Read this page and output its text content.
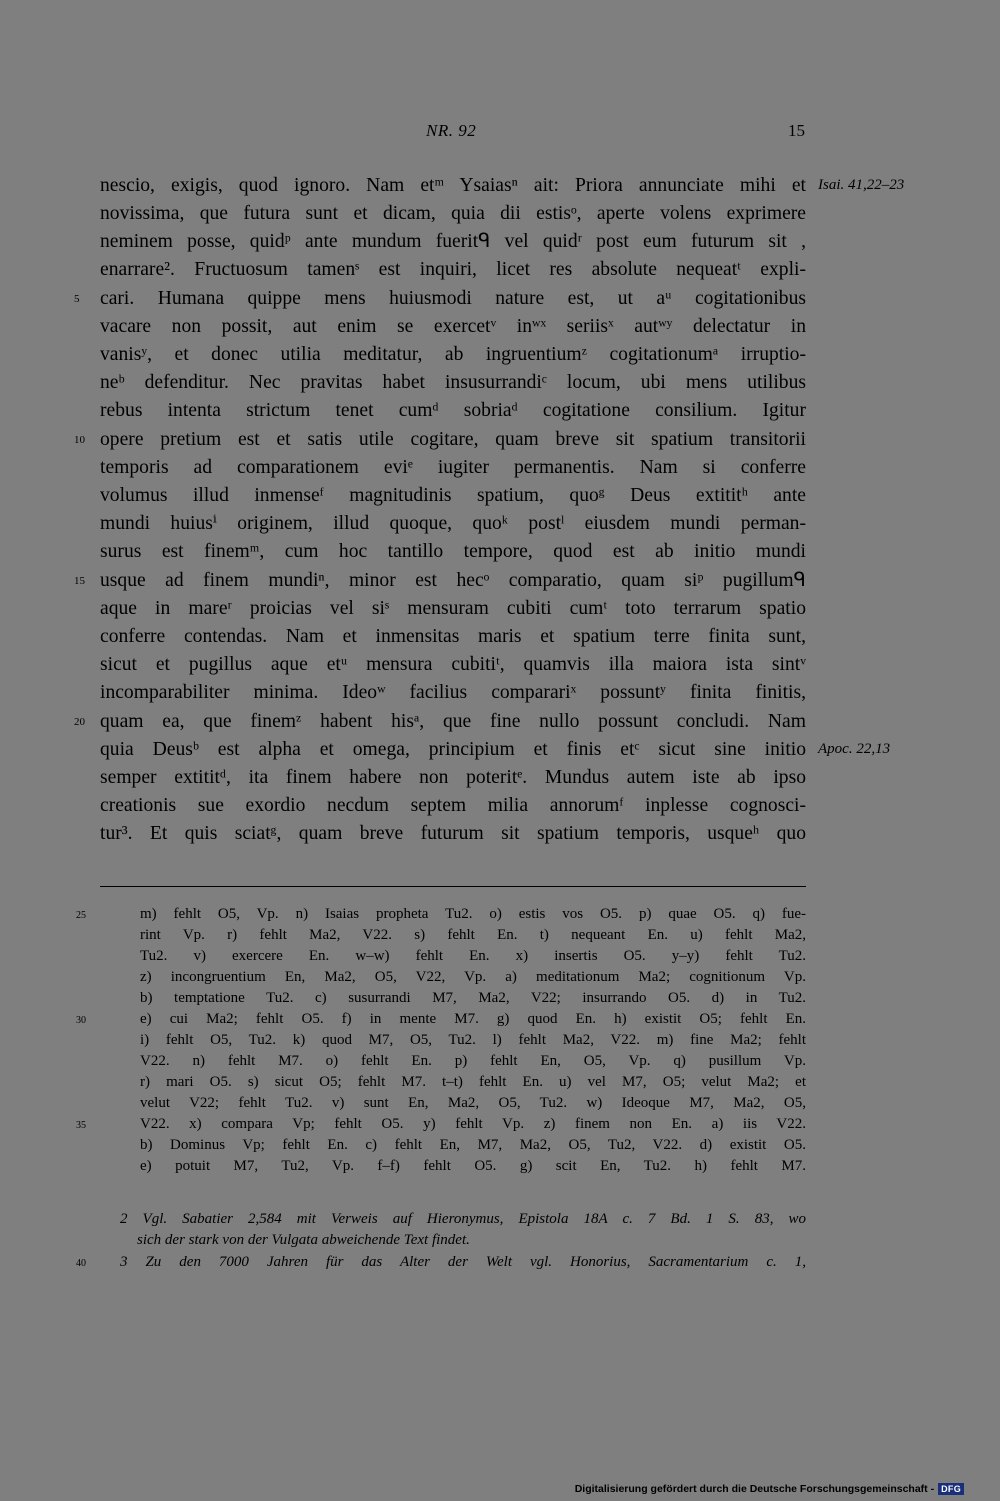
NR. 92	15
nescio, exigis, quod ignoro. Nam etᵐ Ysaiasⁿ ait: Priora annunciate mihi et
novissima, que futura sunt et dicam, quia dii estisᵒ, aperte volens exprimere
neminem posse, quidᵖ ante mundum fueritᑫ vel quidʳ post eum futurum sit ,
enarrare². Fructuosum tamenˢ est inquiri, licet res absolute nequeatᵗ expli-
cari. Humana quippe mens huiusmodi nature est, ut aᵘ cogitationibus
vacare non possit, aut enim se exercetᵛ inʷˣ seriisˣ autʷʸ delectatur in
vanisʸ, et donec utilia meditatur, ab ingruentiumᶻ cogitationumᵃ irruptio-
neᵇ defenditur. Nec pravitas habet insusurrandiᶜ locum, ubi mens utilibus
rebus intenta strictum tenet cumᵈ sobriaᵈ cogitatione consilium. Igitur
opere pretium est et satis utile cogitare, quam breve sit spatium transitorii
temporis ad comparationem eviᵉ iugiter permanentis. Nam si conferre
volumus illud inmenseᶠ magnitudinis spatium, quoᵍ Deus extititʰ ante
mundi huiusⁱ originem, illud quoque, quoᵏ postˡ eiusdem mundi perman-
surus est finemᵐ, cum hoc tantillo tempore, quod est ab initio mundi
usque ad finem mundiⁿ, minor est hecᵒ comparatio, quam siᵖ pugillumᑫ
aque in mareʳ proicias vel siˢ mensuram cubiti cumᵗ toto terrarum spatio
conferre contendas. Nam et inmensitas maris et spatium terre finita sunt,
sicut et pugillus aque etᵘ mensura cubitiᵗ, quamvis illa maiora ista sintᵛ
incomparabiliter minima. Ideoʷ facilius comparariˣ possuntʸ finita finitis,
quam ea, que finemᶻ habent hisᵃ, que fine nullo possunt concludi. Nam
quia Deusᵇ est alpha et omega, principium et finis etᶜ sicut sine initio
semper extititᵈ, ita finem habere non poteritᵉ. Mundus autem iste ab ipso
creationis sue exordio necdum septem milia annorumᶠ inplesse cognosci-
tur³. Et quis sciatᵍ, quam breve futurum sit spatium temporis, usqueʰ quo
5
10
15
20
Isai. 41,22–23
Apoc. 22,13
m) fehlt O5, Vp. n) Isaias propheta Tu2. o) estis vos O5. p) quae O5. q) fue-
rint Vp. r) fehlt Ma2, V22. s) fehlt En. t) nequeant En. u) fehlt Ma2,
Tu2. v) exercere En. w–w) fehlt En. x) insertis O5. y–y) fehlt Tu2.
z) incongruentium En, Ma2, O5, V22, Vp. a) meditationum Ma2; cognitionum Vp.
b) temptatione Tu2. c) susurrandi M7, Ma2, V22; insurrando O5. d) in Tu2.
e) cui Ma2; fehlt O5. f) in mente M7. g) quod En. h) existit O5; fehlt En.
i) fehlt O5, Tu2. k) quod M7, O5, Tu2. l) fehlt Ma2, V22. m) fine Ma2; fehlt
V22. n) fehlt M7. o) fehlt En. p) fehlt En, O5, Vp. q) pusillum Vp.
r) mari O5. s) sicut O5; fehlt M7. t–t) fehlt En. u) vel M7, O5; velut Ma2; et
velut V22; fehlt Tu2. v) sunt En, Ma2, O5, Tu2. w) Ideoque M7, Ma2, O5,
V22. x) compara Vp; fehlt O5. y) fehlt Vp. z) finem non En. a) iis V22.
b) Dominus Vp; fehlt En. c) fehlt En, M7, Ma2, O5, Tu2, V22. d) existit O5.
e) potuit M7, Tu2, Vp. f–f) fehlt O5. g) scit En, Tu2. h) fehlt M7.
25
30
35
2 Vgl. Sabatier 2,584 mit Verweis auf Hieronymus, Epistola 18A c. 7 Bd. 1 S. 83, wo
sich der stark von der Vulgata abweichende Text findet.
3 Zu den 7000 Jahren für das Alter der Welt vgl. Honorius, Sacramentarium c. 1,
40
Digitalisierung gefördert durch die Deutsche Forschungsgemeinschaft - DFG
